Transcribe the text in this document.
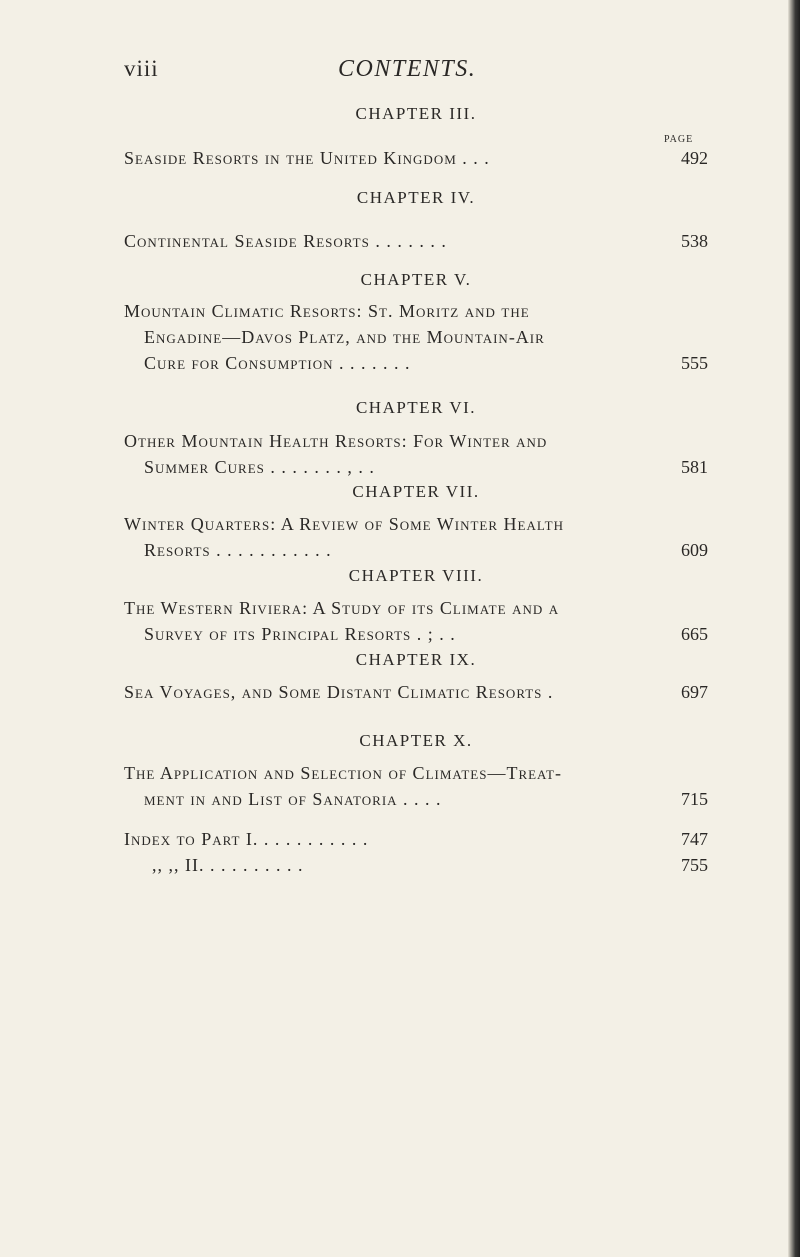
viii	CONTENTS.
PAGE
CHAPTER III.
Seaside Resorts in the United Kingdom . . .	492
CHAPTER IV.
Continental Seaside Resorts . . . . . . .	538
CHAPTER V.
Mountain Climatic Resorts: St. Moritz and the
Engadine—Davos Platz, and the Mountain-Air
Cure for Consumption . . . . . . .	555
CHAPTER VI.
Other Mountain Health Resorts: For Winter and
Summer Cures . . . . . . . , . .	581
CHAPTER VII.
Winter Quarters: A Review of Some Winter Health
Resorts . . . . . . . . . . .	609
CHAPTER VIII.
The Western Riviera: A Study of its Climate and a
Survey of its Principal Resorts . ; . .	665
CHAPTER IX.
Sea Voyages, and Some Distant Climatic Resorts .	697
CHAPTER X.
The Application and Selection of Climates—Treat-
ment in and List of Sanatoria . . . .	715
Index to Part I. . . . . . . . . . .	747
,, ,, II. . . . . . . . . .	755
